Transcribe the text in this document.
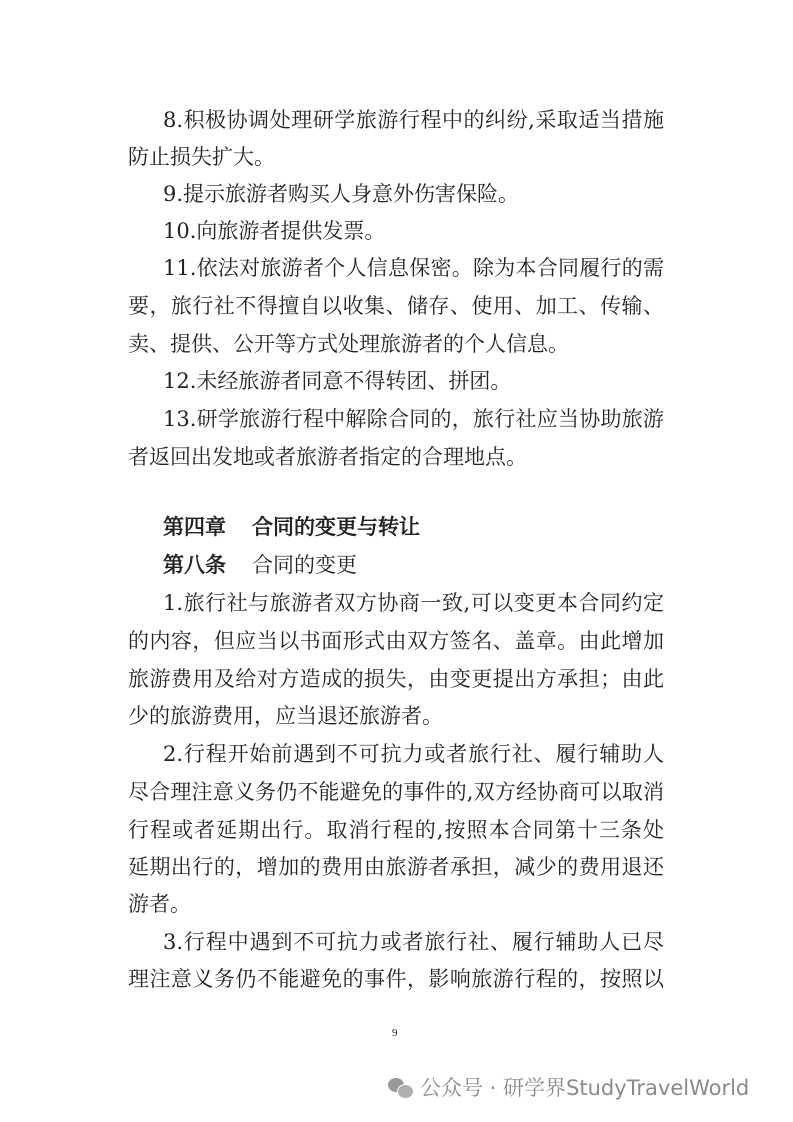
8.积极协调处理研学旅游行程中的纠纷,采取适当措施
防止损失扩大。
9.提示旅游者购买人身意外伤害保险。
10.向旅游者提供发票。
11.依法对旅游者个人信息保密。除为本合同履行的需
要，旅行社不得擅自以收集、储存、使用、加工、传输、
卖、提供、公开等方式处理旅游者的个人信息。
12.未经旅游者同意不得转团、拼团。
13.研学旅游行程中解除合同的，旅行社应当协助旅游
者返回出发地或者旅游者指定的合理地点。
第四章 合同的变更与转让
第八条 合同的变更
1.旅行社与旅游者双方协商一致,可以变更本合同约定
的内容，但应当以书面形式由双方签名、盖章。由此增加
旅游费用及给对方造成的损失，由变更提出方承担；由此
少的旅游费用，应当退还旅游者。
2.行程开始前遇到不可抗力或者旅行社、履行辅助人
尽合理注意义务仍不能避免的事件的,双方经协商可以取消
行程或者延期出行。取消行程的,按照本合同第十三条处
延期出行的，增加的费用由旅游者承担，减少的费用退还
游者。
3.行程中遇到不可抗力或者旅行社、履行辅助人已尽
理注意义务仍不能避免的事件，影响旅游行程的，按照以
9
公众号 · 研学界StudyTravelWorld
